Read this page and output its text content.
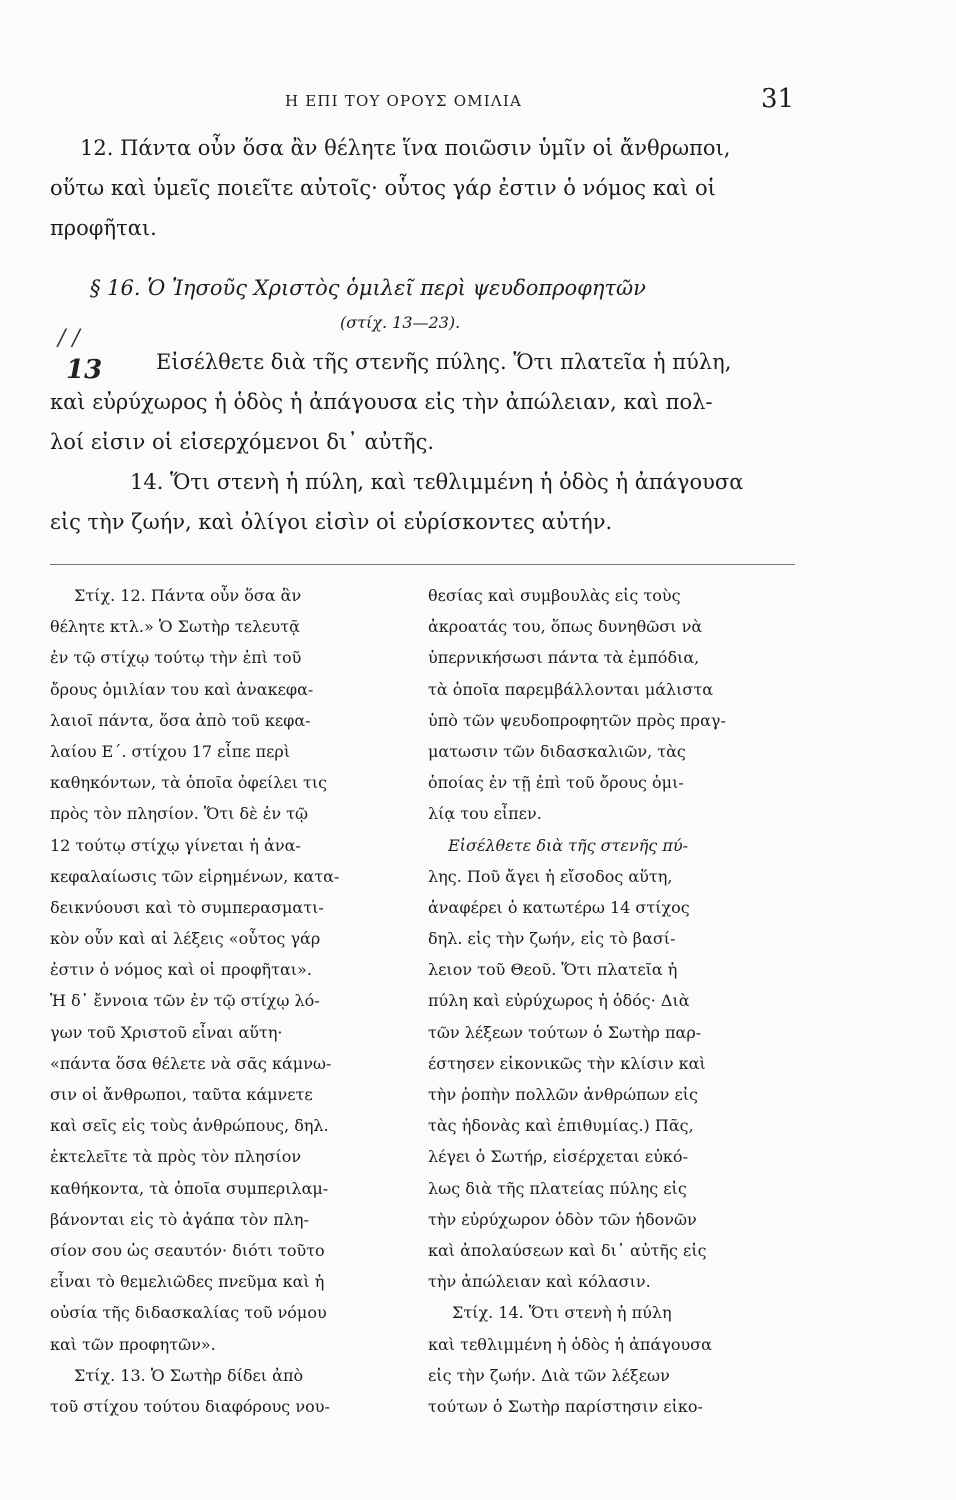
Η ΕΠΙ ΤΟΥ ΟΡΟΥΣ ΟΜΙΛΙΑ	31
12. Πάντα οὖν ὅσα ἂν θέλητε ἵνα ποιῶσιν ὑμῖν οἱ ἄνθρωποι,
οὕτω καὶ ὑμεῖς ποιεῖτε αὐτοῖς· οὗτος γάρ ἐστιν ὁ νόμος καὶ οἱ
προφῆται.
§ 16. Ὁ Ἰησοῦς Χριστὸς ὁμιλεῖ περὶ ψευδοπροφητῶν
(στίχ. 13—23).
Εἰσέλθετε διὰ τῆς στενῆς πύλης. Ὅτι πλατεῖα ἡ πύλη,
καὶ εὐρύχωρος ἡ ὁδὸς ἡ ἀπάγουσα εἰς τὴν ἀπώλειαν, καὶ πολ-
λοί εἰσιν οἱ εἰσερχόμενοι δι᾽ αὐτῆς.
14. Ὅτι στενὴ ἡ πύλη, καὶ τεθλιμμένη ἡ ὁδὸς ἡ ἀπάγουσα
εἰς τὴν ζωήν, καὶ ὀλίγοι εἰσὶν οἱ εὑρίσκοντες αὐτήν.
/ /
13
Στίχ. 12. Πάντα οὖν ὅσα ἂν
θέλητε κτλ.» Ὁ Σωτὴρ τελευτᾷ
ἐν τῷ στίχῳ τούτῳ τὴν ἐπὶ τοῦ
ὄρους ὁμιλίαν του καὶ ἀνακεφα-
λαιοῖ πάντα, ὅσα ἀπὸ τοῦ κεφα-
λαίου Ε΄. στίχου 17 εἶπε περὶ
καθηκόντων, τὰ ὁποῖα ὀφείλει τις
πρὸς τὸν πλησίον. Ὅτι δὲ ἐν τῷ
12 τούτῳ στίχῳ γίνεται ἡ ἀνα-
κεφαλαίωσις τῶν εἰρημένων, κατα-
δεικνύουσι καὶ τὸ συμπερασματι-
κὸν οὖν καὶ αἱ λέξεις «οὗτος γάρ
ἐστιν ὁ νόμος καὶ οἱ προφῆται».
Ἡ δ᾽ ἔννοια τῶν ἐν τῷ στίχῳ λό-
γων τοῦ Χριστοῦ εἶναι αὕτη·
«πάντα ὅσα θέλετε νὰ σᾶς κάμνω-
σιν οἱ ἄνθρωποι, ταῦτα κάμνετε
καὶ σεῖς εἰς τοὺς ἀνθρώπους, δηλ.
ἐκτελεῖτε τὰ πρὸς τὸν πλησίον
καθήκοντα, τὰ ὁποῖα συμπεριλαμ-
βάνονται εἰς τὸ ἀγάπα τὸν πλη-
σίον σου ὡς σεαυτόν· διότι τοῦτο
εἶναι τὸ θεμελιῶδες πνεῦμα καὶ ἡ
οὐσία τῆς διδασκαλίας τοῦ νόμου
καὶ τῶν προφητῶν».
Στίχ. 13. Ὁ Σωτὴρ δίδει ἀπὸ
τοῦ στίχου τούτου διαφόρους νου-
θεσίας καὶ συμβουλὰς εἰς τοὺς
ἀκροατάς του, ὅπως δυνηθῶσι νὰ
ὑπερνικήσωσι πάντα τὰ ἐμπόδια,
τὰ ὁποῖα παρεμβάλλονται μάλιστα
ὑπὸ τῶν ψευδοπροφητῶν πρὸς πραγ-
ματωσιν τῶν διδασκαλιῶν, τὰς
ὁποίας ἐν τῇ ἐπὶ τοῦ ὄρους ὁμι-
λίᾳ του εἶπεν.
Εἰσέλθετε διὰ τῆς στενῆς πύ-
λης. Ποῦ ἄγει ἡ εἴσοδος αὕτη,
ἀναφέρει ὁ κατωτέρω 14 στίχος
δηλ. εἰς τὴν ζωήν, εἰς τὸ βασί-
λειον τοῦ Θεοῦ. Ὅτι πλατεῖα ἡ
πύλη καὶ εὐρύχωρος ἡ ὁδός· Διὰ
τῶν λέξεων τούτων ὁ Σωτὴρ παρ-
έστησεν εἰκονικῶς τὴν κλίσιν καὶ
τὴν ῥοπὴν πολλῶν ἀνθρώπων εἰς
τὰς ἡδονὰς καὶ ἐπιθυμίας.) Πᾶς,
λέγει ὁ Σωτήρ, εἰσέρχεται εὐκό-
λως διὰ τῆς πλατείας πύλης εἰς
τὴν εὐρύχωρον ὁδὸν τῶν ἡδονῶν
καὶ ἀπολαύσεων καὶ δι᾽ αὐτῆς εἰς
τὴν ἀπώλειαν καὶ κόλασιν.
Στίχ. 14. Ὅτι στενὴ ἡ πύλη
καὶ τεθλιμμένη ἡ ὁδὸς ἡ ἀπάγουσα
εἰς τὴν ζωήν. Διὰ τῶν λέξεων
τούτων ὁ Σωτὴρ παρίστησιν εἰκο-
